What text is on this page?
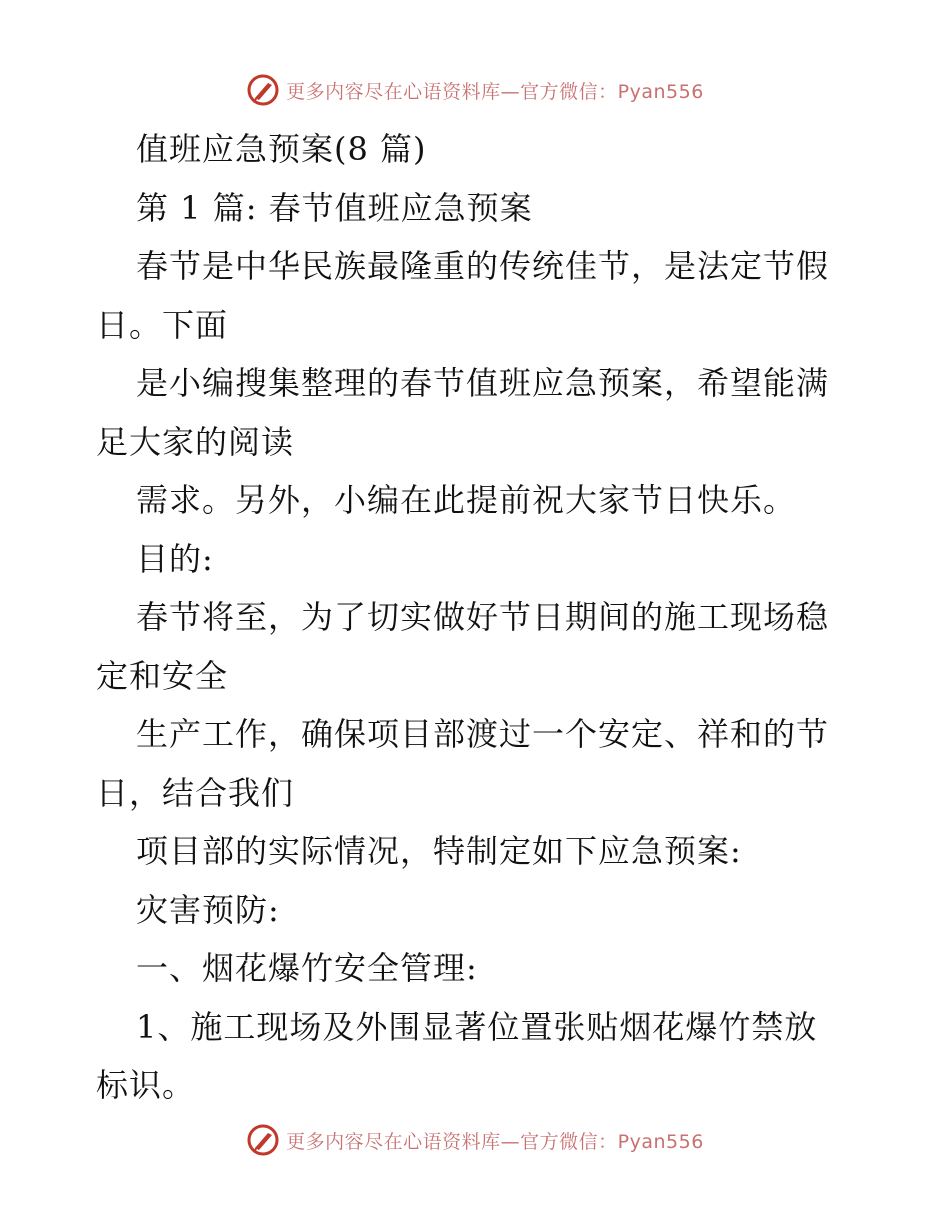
更多内容尽在心语资料库—官方微信：Pyan556
值班应急预案(8 篇)
第 1 篇: 春节值班应急预案
春节是中华民族最隆重的传统佳节，是法定节假
日。下面
是小编搜集整理的春节值班应急预案，希望能满
足大家的阅读
需求。另外，小编在此提前祝大家节日快乐。
目的:
春节将至，为了切实做好节日期间的施工现场稳
定和安全
生产工作，确保项目部渡过一个安定、祥和的节
日，结合我们
项目部的实际情况，特制定如下应急预案:
灾害预防:
一、烟花爆竹安全管理:
1、施工现场及外围显著位置张贴烟花爆竹禁放
标识。
更多内容尽在心语资料库—官方微信：Pyan556
